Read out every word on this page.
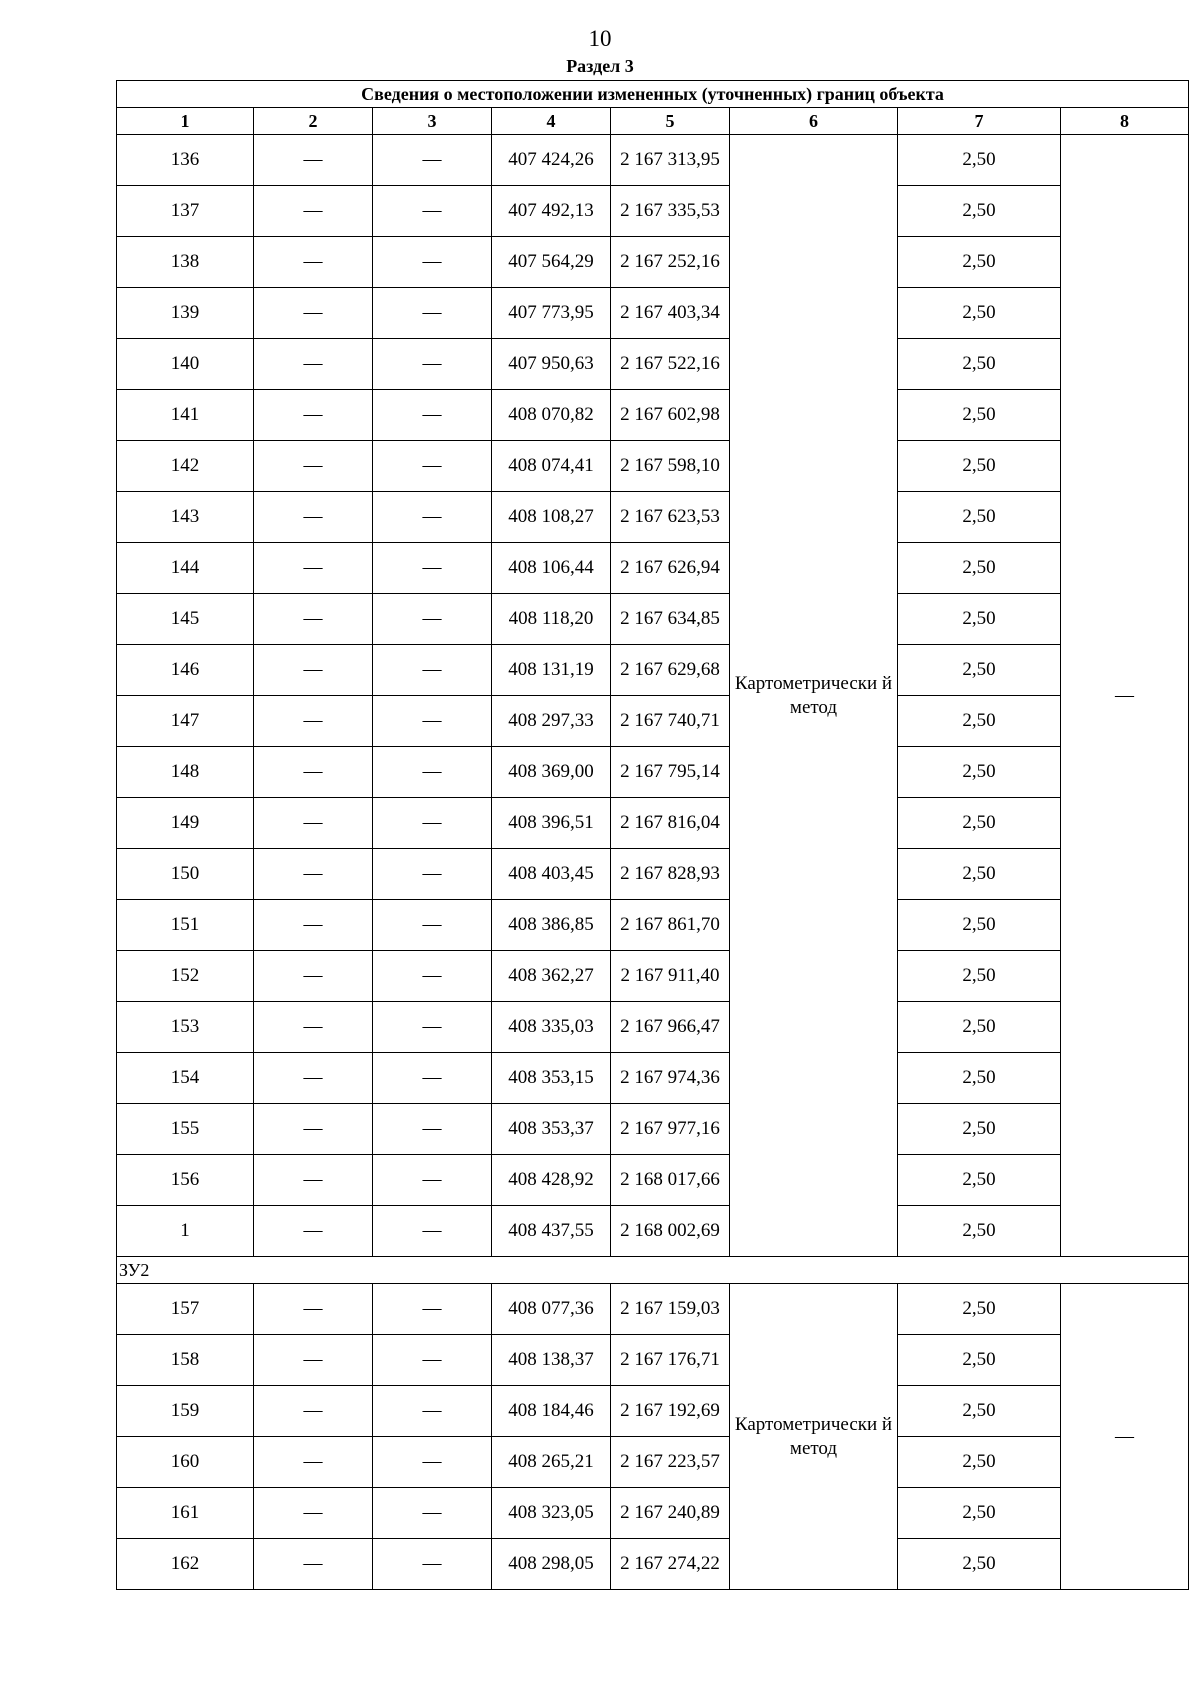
10
Раздел 3
Сведения о местоположении измененных (уточненных) границ объекта							
1	2	3	4	5	6	7	8
136	—	—	407 424,26	2 167 313,95	Картометрически й метод	2,50	—
137	—	—	407 492,13	2 167 335,53		2,50	
138	—	—	407 564,29	2 167 252,16		2,50	
139	—	—	407 773,95	2 167 403,34		2,50	
140	—	—	407 950,63	2 167 522,16		2,50	
141	—	—	408 070,82	2 167 602,98		2,50	
142	—	—	408 074,41	2 167 598,10		2,50	
143	—	—	408 108,27	2 167 623,53		2,50	
144	—	—	408 106,44	2 167 626,94		2,50	
145	—	—	408 118,20	2 167 634,85		2,50	
146	—	—	408 131,19	2 167 629,68		2,50	
147	—	—	408 297,33	2 167 740,71		2,50	
148	—	—	408 369,00	2 167 795,14		2,50	
149	—	—	408 396,51	2 167 816,04		2,50	
150	—	—	408 403,45	2 167 828,93		2,50	
151	—	—	408 386,85	2 167 861,70		2,50	
152	—	—	408 362,27	2 167 911,40		2,50	
153	—	—	408 335,03	2 167 966,47		2,50	
154	—	—	408 353,15	2 167 974,36		2,50	
155	—	—	408 353,37	2 167 977,16		2,50	
156	—	—	408 428,92	2 168 017,66		2,50	
1	—	—	408 437,55	2 168 002,69		2,50	
ЗУ2							
157	—	—	408 077,36	2 167 159,03	Картометрически й метод	2,50	—
158	—	—	408 138,37	2 167 176,71		2,50	
159	—	—	408 184,46	2 167 192,69		2,50	
160	—	—	408 265,21	2 167 223,57		2,50	
161	—	—	408 323,05	2 167 240,89		2,50	
162	—	—	408 298,05	2 167 274,22		2,50	
